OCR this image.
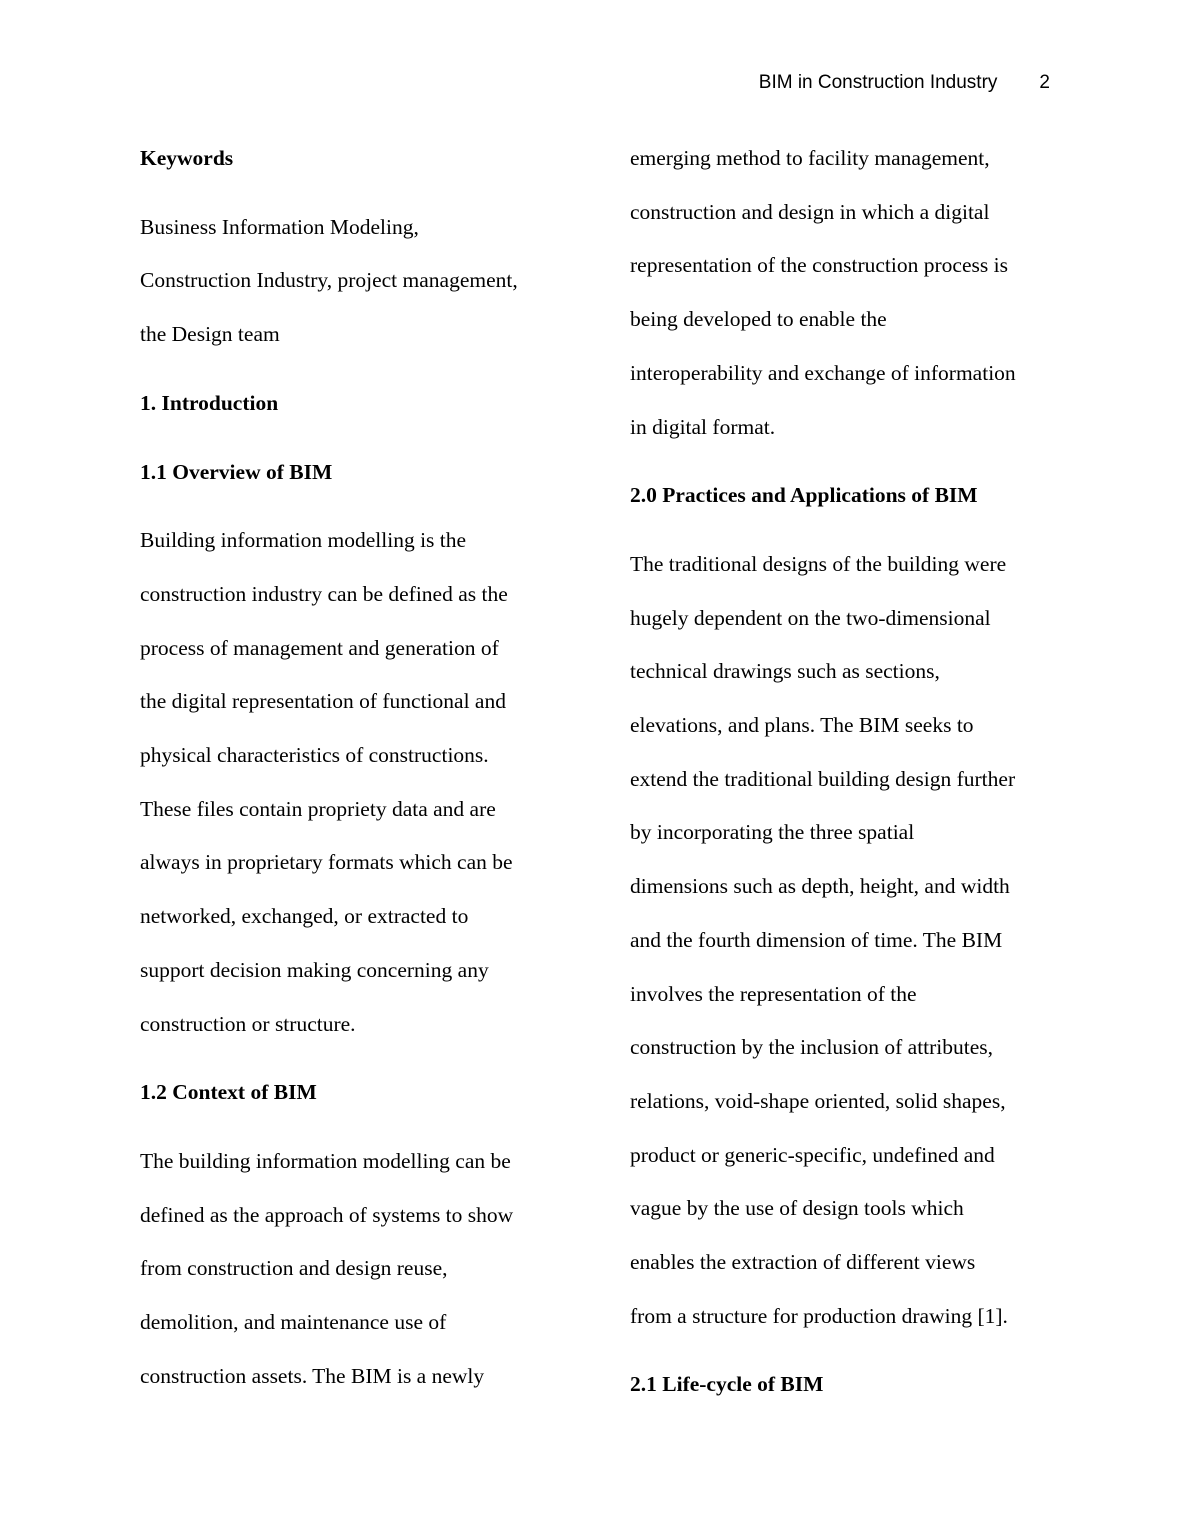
BIM in Construction Industry 2
Keywords
Business Information Modeling,
Construction Industry, project management,
the Design team
1. Introduction
1.1 Overview of BIM
Building information modelling is the
construction industry can be defined as the
process of management and generation of
the digital representation of functional and
physical characteristics of constructions.
These files contain propriety data and are
always in proprietary formats which can be
networked, exchanged, or extracted to
support decision making concerning any
construction or structure.
1.2 Context of BIM
The building information modelling can be
defined as the approach of systems to show
from construction and design reuse,
demolition, and maintenance use of
construction assets. The BIM is a newly
emerging method to facility management,
construction and design in which a digital
representation of the construction process is
being developed to enable the
interoperability and exchange of information
in digital format.
2.0 Practices and Applications of BIM
The traditional designs of the building were
hugely dependent on the two-dimensional
technical drawings such as sections,
elevations, and plans. The BIM seeks to
extend the traditional building design further
by incorporating the three spatial
dimensions such as depth, height, and width
and the fourth dimension of time. The BIM
involves the representation of the
construction by the inclusion of attributes,
relations, void-shape oriented, solid shapes,
product or generic-specific, undefined and
vague by the use of design tools which
enables the extraction of different views
from a structure for production drawing [1].
2.1 Life-cycle of BIM
